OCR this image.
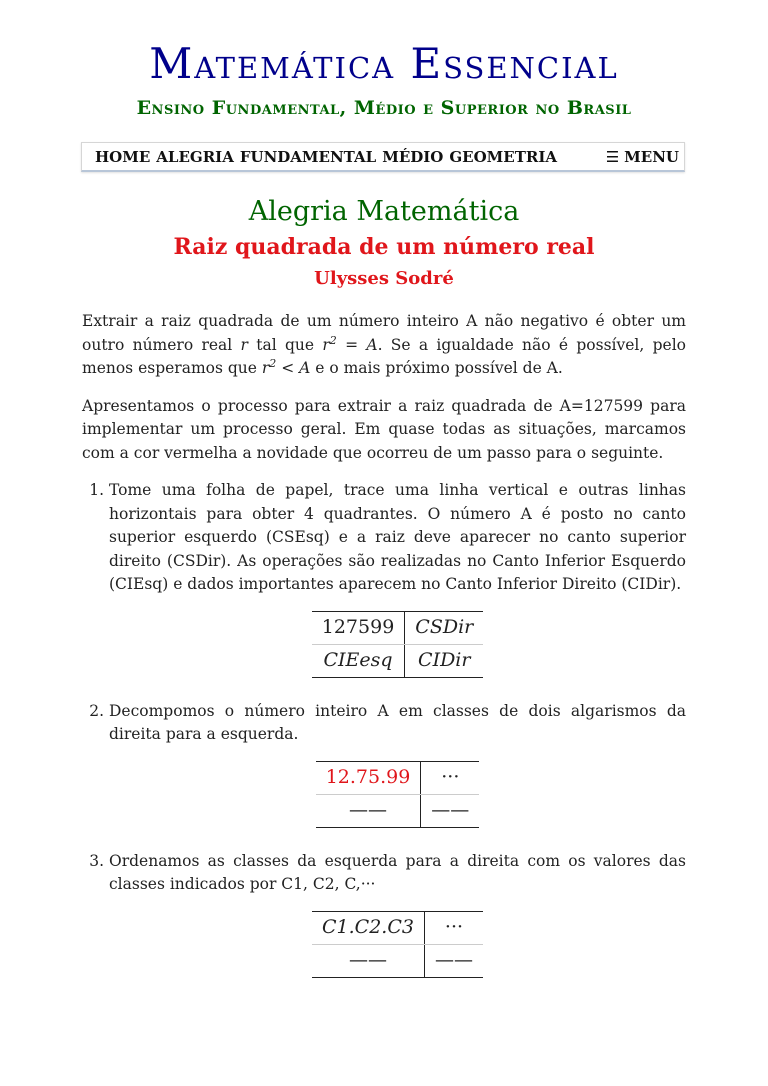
Matemática Essencial
Ensino Fundamental, Médio e Superior no Brasil
HOME ALEGRIA FUNDAMENTAL MÉDIO GEOMETRIA	☰ MENU
Alegria Matemática
Raiz quadrada de um número real
Ulysses Sodré

Extrair a raiz quadrada de um número inteiro A não negativo é obter um outro número real r tal que $r^2 = A$. Se a igualdade não é possível, pelo menos esperamos que $r^2 < A$ e o mais próximo possível de A.

Apresentamos o processo para extrair a raiz quadrada de A=127599 para implementar um processo geral. Em quase todas as situações, marcamos com a cor vermelha a novidade que ocorreu de um passo para o seguinte.

1. Tome uma folha de papel, trace uma linha vertical e outras linhas horizontais para obter 4 quadrantes. O número A é posto no canto superior esquerdo (CSEsq) e a raiz deve aparecer no canto superior direito (CSDir). As operações são realizadas no Canto Inferior Esquerdo (CIEsq) e dados importantes aparecem no Canto Inferior Direito (CIDir).

127599	CSDir
CIEesq	CIDir

2. Decompomos o número inteiro A em classes de dois algarismos da direita para a esquerda.

12.75.99	···
——	——

3. Ordenamos as classes da esquerda para a direita com os valores das classes indicados por C1, C2, C,···

C1.C2.C3	···
——	——
